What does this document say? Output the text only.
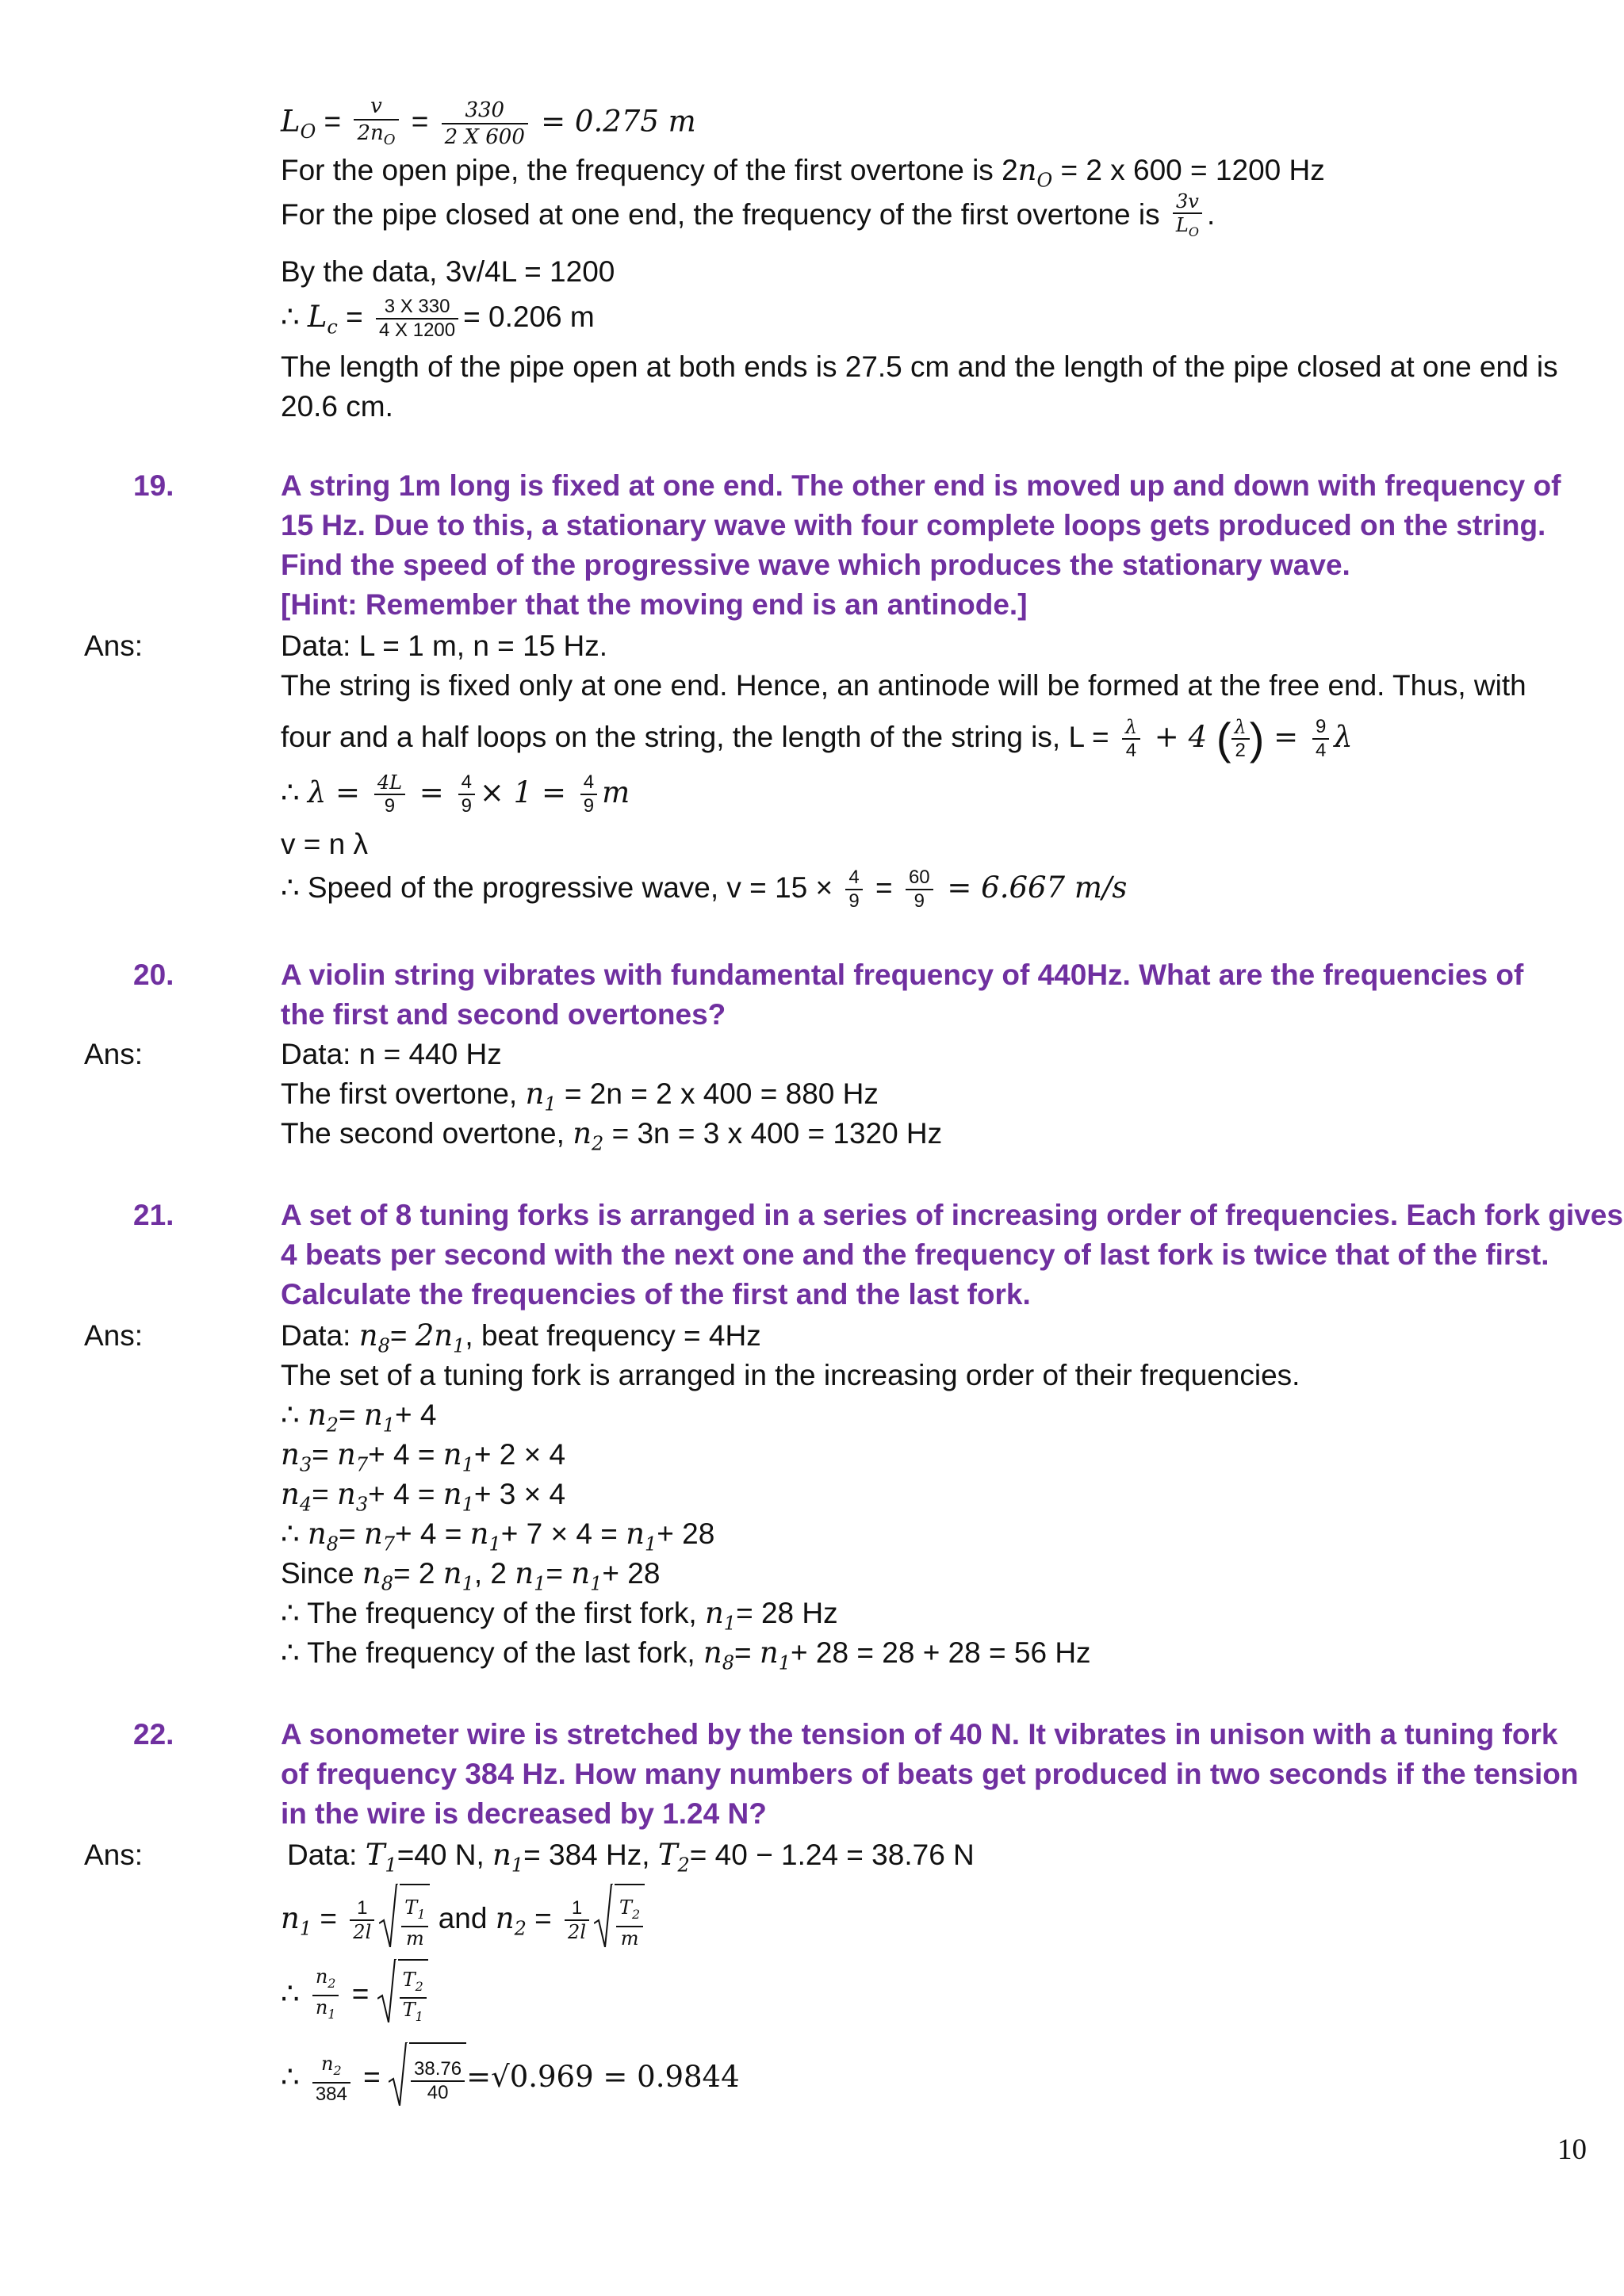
$L_O = \frac{v}{2n_O} = \frac{330}{2 X 600} = 0.275$ m
For the open pipe, the frequency of the first overtone is $2n_O = 2$ x 600 = 1200 Hz
For the pipe closed at one end, the frequency of the first overtone is $\frac{3v}{L_O}$ .
By the data, 3v/4L = 1200
∴ $L_c = \frac{3 X 330}{4 X 1200} = 0.206$ m
The length of the pipe open at both ends is 27.5 cm and the length of the pipe closed at one end is
20.6 cm.
19.	A string 1m long is fixed at one end. The other end is moved up and down with frequency of
15 Hz. Due to this, a stationary wave with four complete loops gets produced on the string.
Find the speed of the progressive wave which produces the stationary wave.
[Hint: Remember that the moving end is an antinode.]
Ans:	Data: L = 1 m, n = 15 Hz.
The string is fixed only at one end. Hence, an antinode will be formed at the free end. Thus, with
four and a half loops on the string, the length of the string is, $L = \frac{\lambda}{4} + 4$ ( $\frac{\lambda}{2}$ ) = $\frac{9}{4}$ λ
∴ $\lambda = \frac{4L}{9} = \frac{4}{9} \times 1 = \frac{4}{9}$ m
v = n λ
∴ Speed of the progressive wave, $v = 15 \times \frac{4}{9} = \frac{60}{9} = 6.667$ m/s
20.	A violin string vibrates with fundamental frequency of 440Hz. What are the frequencies of
the first and second overtones?
Ans:	Data: n = 440 Hz
The first overtone, $n_1 = 2n = 2$ x 400 = 880 Hz
The second overtone, $n_2 = 3n = 3$ x 400 = 1320 Hz
21.	A set of 8 tuning forks is arranged in a series of increasing order of frequencies. Each fork gives
4 beats per second with the next one and the frequency of last fork is twice that of the first.
Calculate the frequencies of the first and the last fork.
Ans:	Data: $n_8= 2n_1$, beat frequency = 4Hz
The set of a tuning fork is arranged in the increasing order of their frequencies.
∴ $n_2= n_1+ 4$
$n_3= n_7+ 4 = n_1+ 2 \times 4$
$n_4= n_3+ 4 = n_1+ 3 \times 4$
∴ $n_8= n_7+ 4 = n_1+ 7 \times 4 = n_1+ 28$
Since $n_8= 2$ $n_1$, 2 $n_1= n_1+ 28$
∴ The frequency of the first fork, $n_1= 28$ Hz
∴ The frequency of the last fork, $n_8= n_1+ 28 = 28 + 28 = 56$ Hz
22.	A sonometer wire is stretched by the tension of 40 N. It vibrates in unison with a tuning fork
of frequency 384 Hz. How many numbers of beats get produced in two seconds if the tension
in the wire is decreased by 1.24 N?
Ans:	Data: $T_1=40$ N, $n_1= 384$ Hz, $T_2= 40 - 1.24 = 38.76$ N
$n_1 = \frac{1}{2l} \frac{T_1}{m}$ and $n_2 = \frac{1}{2l} \frac{T_2}{m}$
∴ $\frac{n_2}{n_1} = \frac{T_2}{T_1}$
∴ $\frac{n_2}{384} = \frac{38.76}{40} =√0.969 = 0.9844$
10
